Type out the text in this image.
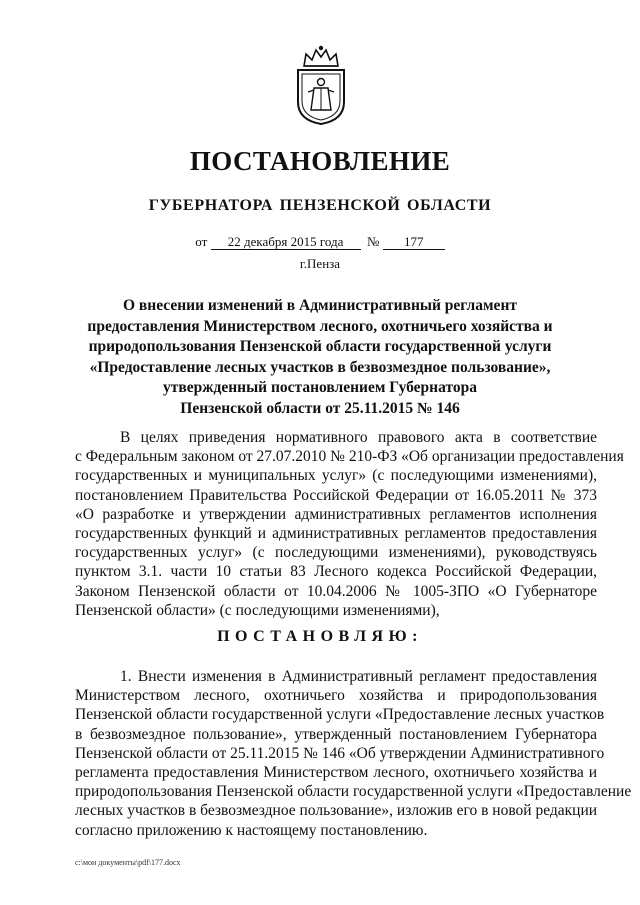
ПОСТАНОВЛЕНИЕ
ГУБЕРНАТОРА ПЕНЗЕНСКОЙ ОБЛАСТИ
от 22 декабря 2015 года № 177
г.Пенза
О внесении изменений в Административный регламент
предоставления Министерством лесного, охотничьего хозяйства и
природопользования Пензенской области государственной услуги
«Предоставление лесных участков в безвозмездное пользование»,
утвержденный постановлением Губернатора
Пензенской области от 25.11.2015 № 146
В целях приведения нормативного правового акта в соответствие
с Федеральным законом от 27.07.2010 № 210-ФЗ «Об организации предоставления
государственных и муниципальных услуг» (с последующими изменениями),
постановлением Правительства Российской Федерации от 16.05.2011 № 373
«О разработке и утверждении административных регламентов исполнения
государственных функций и административных регламентов предоставления
государственных услуг» (с последующими изменениями), руководствуясь
пунктом 3.1. части 10 статьи 83 Лесного кодекса Российской Федерации,
Законом Пензенской области от 10.04.2006 № 1005-ЗПО «О Губернаторе
Пензенской области» (с последующими изменениями),
ПОСТАНОВЛЯЮ:
1. Внести изменения в Административный регламент предоставления
Министерством лесного, охотничьего хозяйства и природопользования
Пензенской области государственной услуги «Предоставление лесных участков
в безвозмездное пользование», утвержденный постановлением Губернатора
Пензенской области от 25.11.2015 № 146 «Об утверждении Административного
регламента предоставления Министерством лесного, охотничьего хозяйства и
природопользования Пензенской области государственной услуги «Предоставление
лесных участков в безвозмездное пользование», изложив его в новой редакции
согласно приложению к настоящему постановлению.
c:\мои документы\pdf\177.docx
